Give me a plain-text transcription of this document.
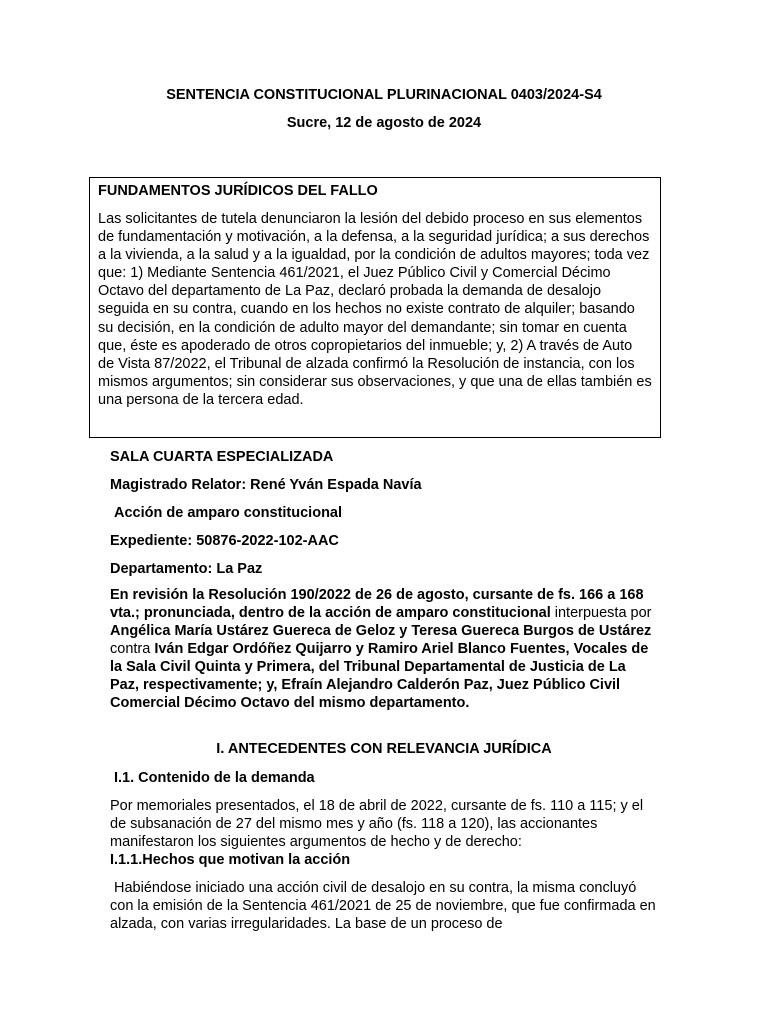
SENTENCIA CONSTITUCIONAL PLURINACIONAL 0403/2024-S4
Sucre, 12 de agosto de 2024

FUNDAMENTOS JURÍDICOS DEL FALLO

Las solicitantes de tutela denunciaron la lesión del debido proceso en sus elementos de fundamentación y motivación, a la defensa, a la seguridad jurídica; a sus derechos a la vivienda, a la salud y a la igualdad, por la condición de adultos mayores; toda vez que: 1) Mediante Sentencia 461/2021, el Juez Público Civil y Comercial Décimo Octavo del departamento de La Paz, declaró probada la demanda de desalojo seguida en su contra, cuando en los hechos no existe contrato de alquiler; basando su decisión, en la condición de adulto mayor del demandante; sin tomar en cuenta que, éste es apoderado de otros copropietarios del inmueble; y, 2) A través de Auto de Vista 87/2022, el Tribunal de alzada confirmó la Resolución de instancia, con los mismos argumentos; sin considerar sus observaciones, y que una de ellas también es una persona de la tercera edad.

SALA CUARTA ESPECIALIZADA
Magistrado Relator: René Yván Espada Navía
Acción de amparo constitucional
Expediente: 50876-2022-102-AAC
Departamento: La Paz

En revisión la Resolución 190/2022 de 26 de agosto, cursante de fs. 166 a 168 vta.; pronunciada, dentro de la acción de amparo constitucional interpuesta por Angélica María Ustárez Guereca de Geloz y Teresa Guereca Burgos de Ustárez contra Iván Edgar Ordóñez Quijarro y Ramiro Ariel Blanco Fuentes, Vocales de la Sala Civil Quinta y Primera, del Tribunal Departamental de Justicia de La Paz, respectivamente; y, Efraín Alejandro Calderón Paz, Juez Público Civil Comercial Décimo Octavo del mismo departamento.

I. ANTECEDENTES CON RELEVANCIA JURÍDICA

I.1. Contenido de la demanda

Por memoriales presentados, el 18 de abril de 2022, cursante de fs. 110 a 115; y el de subsanación de 27 del mismo mes y año (fs. 118 a 120), las accionantes manifestaron los siguientes argumentos de hecho y de derecho:

I.1.1.Hechos que motivan la acción

Habiéndose iniciado una acción civil de desalojo en su contra, la misma concluyó con la emisión de la Sentencia 461/2021 de 25 de noviembre, que fue confirmada en alzada, con varias irregularidades. La base de un proceso de
